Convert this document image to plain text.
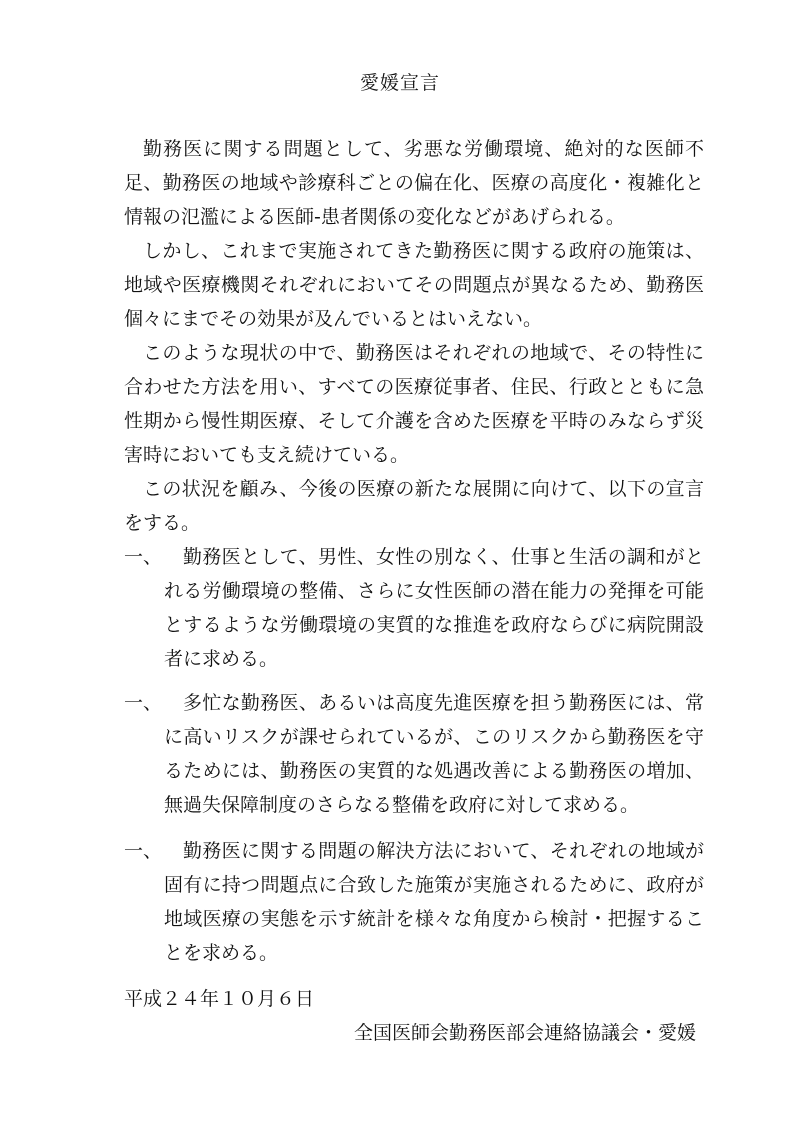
愛媛宣言
勤務医に関する問題として、劣悪な労働環境、絶対的な医師不足、勤務医の地域や診療科ごとの偏在化、医療の高度化・複雑化と情報の氾濫による医師‐患者関係の変化などがあげられる。
しかし、これまで実施されてきた勤務医に関する政府の施策は、地域や医療機関それぞれにおいてその問題点が異なるため、勤務医個々にまでその効果が及んでいるとはいえない。
このような現状の中で、勤務医はそれぞれの地域で、その特性に合わせた方法を用い、すべての医療従事者、住民、行政とともに急性期から慢性期医療、そして介護を含めた医療を平時のみならず災害時においても支え続けている。
この状況を顧み、今後の医療の新たな展開に向けて、以下の宣言をする。
一、	勤務医として、男性、女性の別なく、仕事と生活の調和がとれる労働環境の整備、さらに女性医師の潜在能力の発揮を可能とするような労働環境の実質的な推進を政府ならびに病院開設者に求める。
一、	多忙な勤務医、あるいは高度先進医療を担う勤務医には、常に高いリスクが課せられているが、このリスクから勤務医を守るためには、勤務医の実質的な処遇改善による勤務医の増加、無過失保障制度のさらなる整備を政府に対して求める。
一、	勤務医に関する問題の解決方法において、それぞれの地域が固有に持つ問題点に合致した施策が実施されるために、政府が地域医療の実態を示す統計を様々な角度から検討・把握することを求める。
平成２４年１０月６日
全国医師会勤務医部会連絡協議会・愛媛
